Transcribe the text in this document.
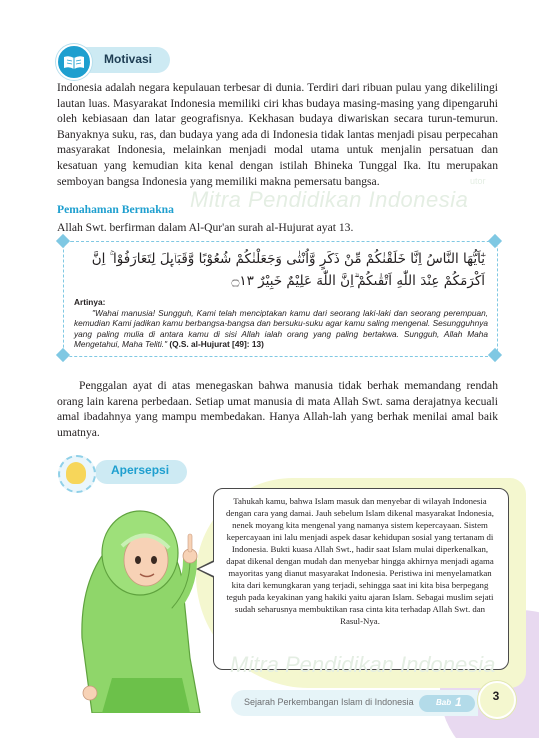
utor
Mitra Pendidikan Indonesia
Motivasi
Indonesia adalah negara kepulauan terbesar di dunia. Terdiri dari ribuan pulau yang dikelilingi lautan luas. Masyarakat Indonesia memiliki ciri khas budaya masing-masing yang dipengaruhi oleh kebiasaan dan latar geografisnya. Kekhasan budaya diwariskan secara turun-temurun. Banyaknya suku, ras, dan budaya yang ada di Indonesia tidak lantas menjadi pisau perpecahan masyarakat Indonesia, melainkan menjadi modal utama untuk menjalin persatuan dan kesatuan yang kemudian kita kenal dengan istilah Bhineka Tunggal Ika. Itu merupakan semboyan bangsa Indonesia yang memiliki makna pemersatu bangsa.
Pemahaman Bermakna
Allah Swt. berfirman dalam Al-Qur'an surah al-Hujurat ayat 13.
يٰٓاَيُّهَا النَّاسُ اِنَّا خَلَقْنٰكُمْ مِّنْ ذَكَرٍ وَّاُنْثٰى وَجَعَلْنٰكُمْ شُعُوْبًا وَّقَبَاۤىِٕلَ لِتَعَارَفُوْا ۚ اِنَّ اَكْرَمَكُمْ عِنْدَ اللّٰهِ اَتْقٰىكُمْ ۗاِنَّ اللّٰهَ عَلِيْمٌ خَبِيْرٌ ۝١٣
Artinya:
"Wahai manusia! Sungguh, Kami telah menciptakan kamu dari seorang laki-laki dan seorang perempuan, kemudian Kami jadikan kamu berbangsa-bangsa dan bersuku-suku agar kamu saling mengenal. Sesungguhnya yang paling mulia di antara kamu di sisi Allah ialah orang yang paling bertakwa. Sungguh, Allah Maha Mengetahui, Maha Teliti." (Q.S. al-Hujurat [49]: 13)
Penggalan ayat di atas menegaskan bahwa manusia tidak berhak memandang rendah orang lain karena perbedaan. Setiap umat manusia di mata Allah Swt. sama derajatnya kecuali amal ibadahnya yang mampu membedakan. Hanya Allah-lah yang berhak menilai amal baik umatnya.
Apersepsi
Tahukah kamu, bahwa Islam masuk dan menyebar di wilayah Indonesia dengan cara yang damai. Jauh sebelum Islam dikenal masyarakat Indonesia, nenek moyang kita mengenal yang namanya sistem kepercayaan. Sistem kepercayaan ini lalu menjadi aspek dasar kehidupan sosial yang tertanam di Indonesia. Bukti kuasa Allah Swt., hadir saat Islam mulai diperkenalkan, dapat dikenal dengan mudah dan menyebar hingga akhirnya menjadi agama mayoritas yang dianut masyarakat Indonesia. Peristiwa ini menyelamatkan kita dari kemungkaran yang terjadi, sehingga saat ini kita bisa berpegang teguh pada keyakinan yang hakiki yaitu ajaran Islam. Sebagai muslim sejati sudah seharusnya membuktikan rasa cinta kita terhadap Allah Swt. dan Rasul-Nya.
Mitra Pendidikan Indonesia
Sejarah Perkembangan Islam di Indonesia	Bab 1	3
